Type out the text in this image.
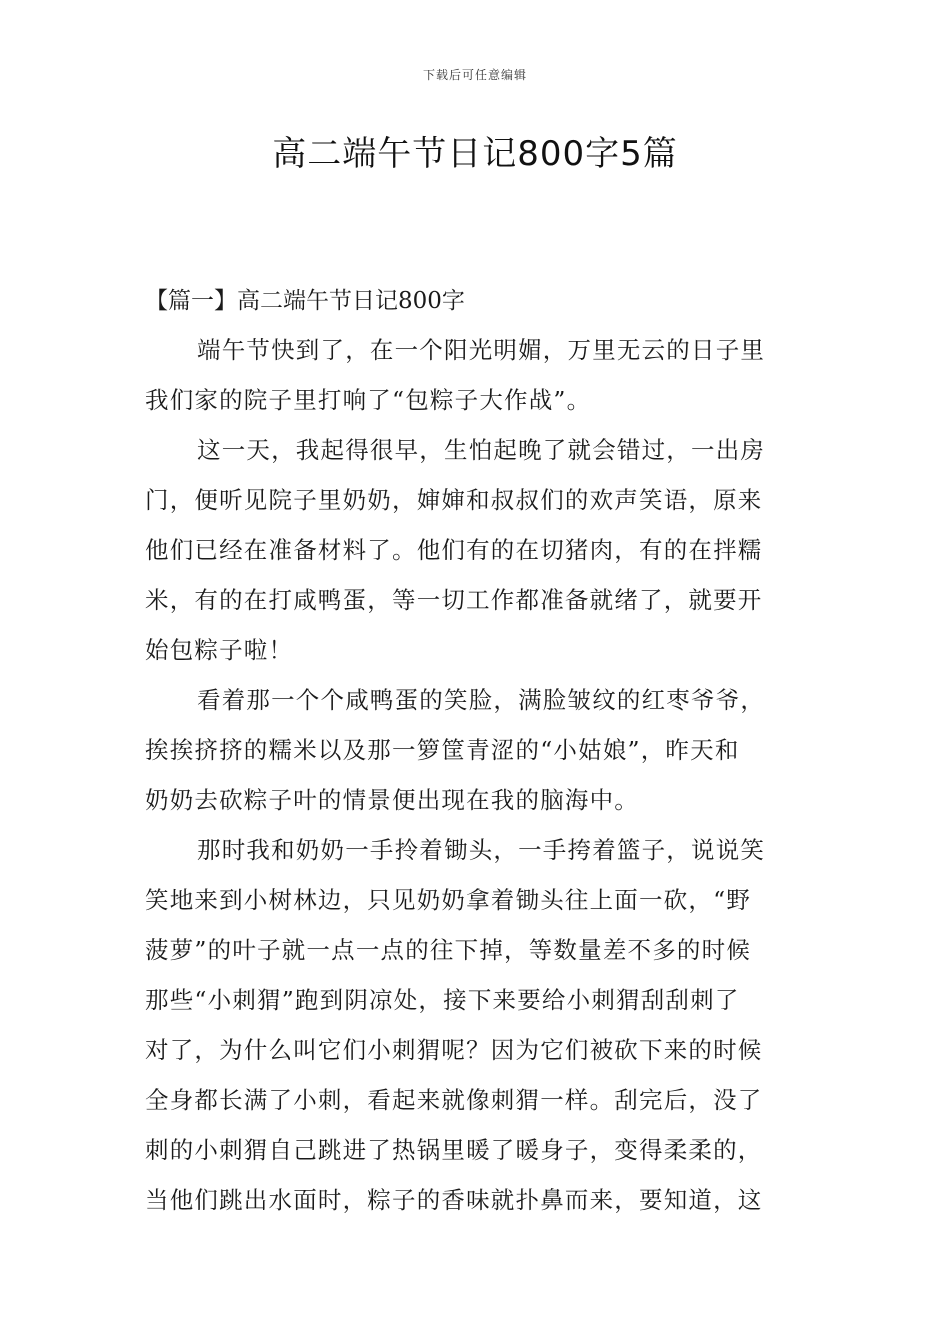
下载后可任意编辑
高二端午节日记800字5篇
【篇一】高二端午节日记800字
端午节快到了，在一个阳光明媚，万里无云的日子里
我们家的院子里打响了“包粽子大作战”。
这一天，我起得很早，生怕起晚了就会错过，一出房
门，便听见院子里奶奶，婶婶和叔叔们的欢声笑语，原来
他们已经在准备材料了。他们有的在切猪肉，有的在拌糯
米，有的在打咸鸭蛋，等一切工作都准备就绪了，就要开
始包粽子啦！
看着那一个个咸鸭蛋的笑脸，满脸皱纹的红枣爷爷，
挨挨挤挤的糯米以及那一箩筐青涩的“小姑娘”，昨天和
奶奶去砍粽子叶的情景便出现在我的脑海中。
那时我和奶奶一手拎着锄头，一手挎着篮子，说说笑
笑地来到小树林边，只见奶奶拿着锄头往上面一砍，“野
菠萝”的叶子就一点一点的往下掉，等数量差不多的时候
那些“小刺猬”跑到阴凉处，接下来要给小刺猬刮刮刺了
对了，为什么叫它们小刺猬呢？因为它们被砍下来的时候
全身都长满了小刺，看起来就像刺猬一样。刮完后，没了
刺的小刺猬自己跳进了热锅里暖了暖身子，变得柔柔的，
当他们跳出水面时，粽子的香味就扑鼻而来，要知道，这
